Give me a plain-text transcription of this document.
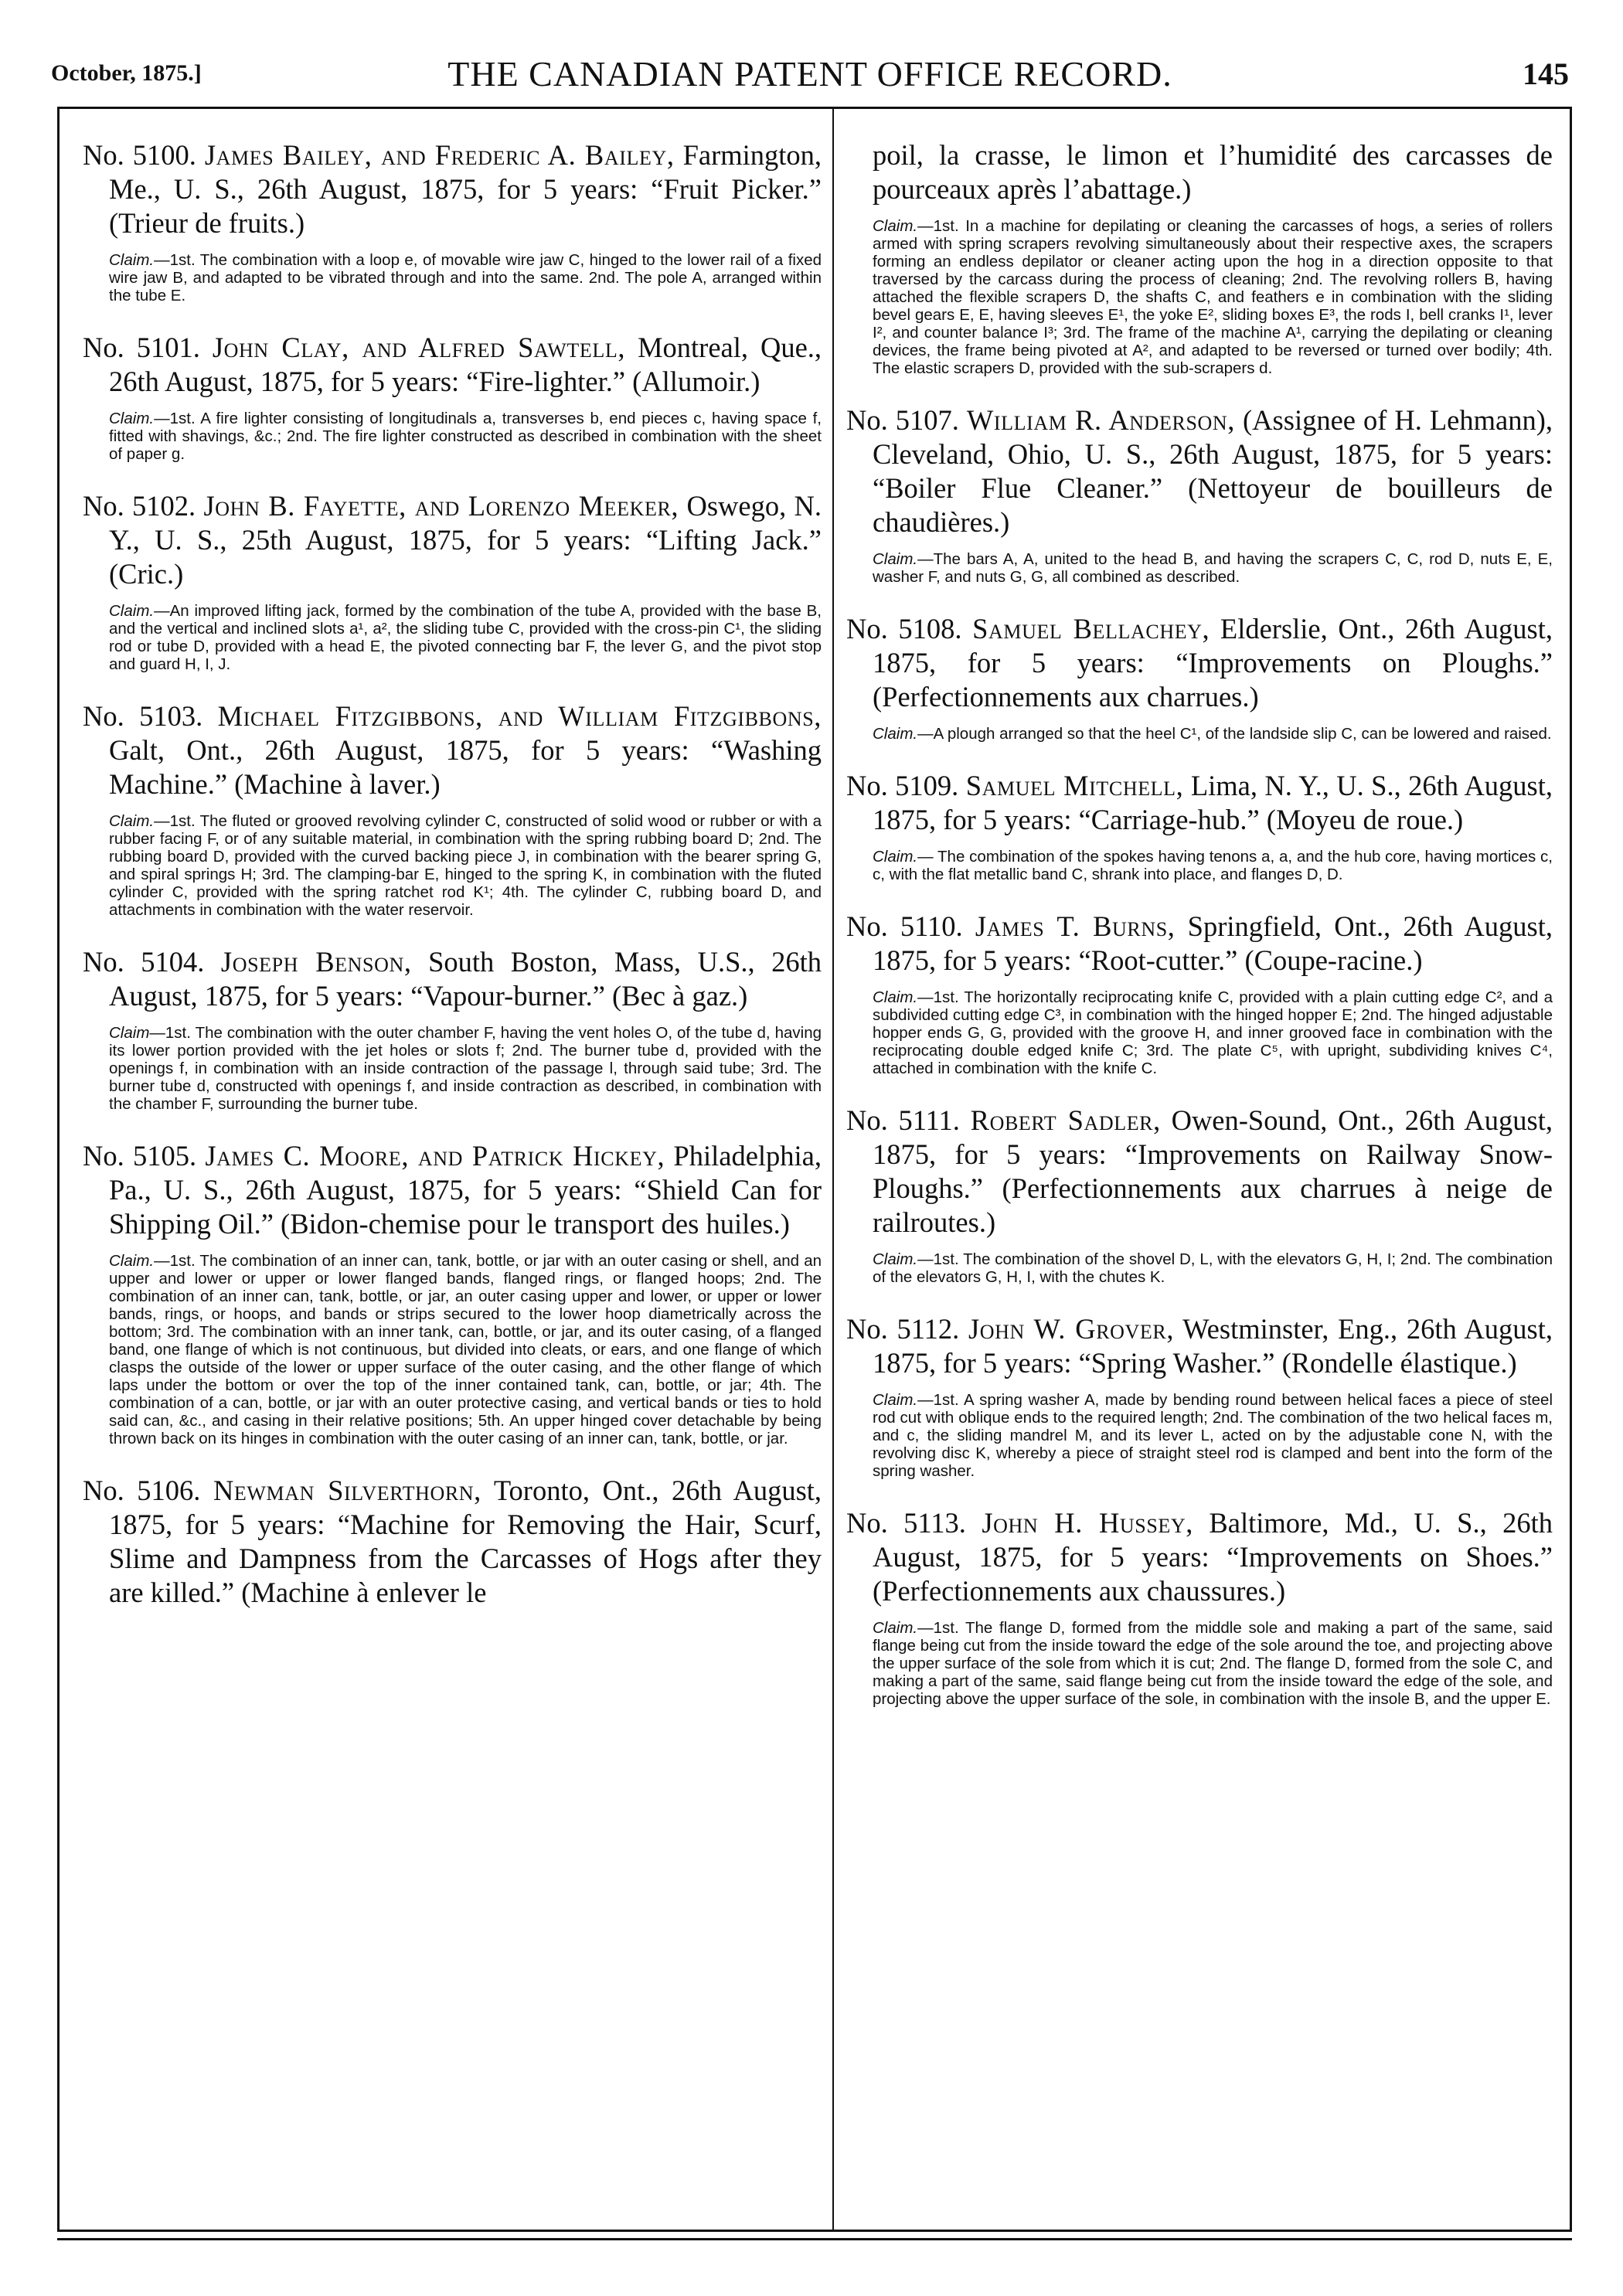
October, 1875.]	THE CANADIAN PATENT OFFICE RECORD.	145

No. 5100. James Bailey, and Frederic A. Bailey, Farmington, Me., U. S., 26th August, 1875, for 5 years: “Fruit Picker.” (Trieur de fruits.)

Claim.—1st. The combination with a loop e, of movable wire jaw C, hinged to the lower rail of a fixed wire jaw B, and adapted to be vibrated through and into the same. 2nd. The pole A, arranged within the tube E.

No. 5101. John Clay, and Alfred Sawtell, Montreal, Que., 26th August, 1875, for 5 years: “Fire-lighter.” (Allumoir.)

Claim.—1st. A fire lighter consisting of longitudinals a, transverses b, end pieces c, having space f, fitted with shavings, &c.; 2nd. The fire lighter constructed as described in combination with the sheet of paper g.

No. 5102. John B. Fayette, and Lorenzo Meeker, Oswego, N. Y., U. S., 25th August, 1875, for 5 years: “Lifting Jack.” (Cric.)

Claim.—An improved lifting jack, formed by the combination of the tube A, provided with the base B, and the vertical and inclined slots a¹, a², the sliding tube C, provided with the cross-pin C¹, the sliding rod or tube D, provided with a head E, the pivoted connecting bar F, the lever G, and the pivot stop and guard H, I, J.

No. 5103. Michael Fitzgibbons, and William Fitzgibbons, Galt, Ont., 26th August, 1875, for 5 years: “Washing Machine.” (Machine à laver.)

Claim.—1st. The fluted or grooved revolving cylinder C, constructed of solid wood or rubber or with a rubber facing F, or of any suitable material, in combination with the spring rubbing board D; 2nd. The rubbing board D, provided with the curved backing piece J, in combination with the bearer spring G, and spiral springs H; 3rd. The clamping-bar E, hinged to the spring K, in combination with the fluted cylinder C, provided with the spring ratchet rod K¹; 4th. The cylinder C, rubbing board D, and attachments in combination with the water reservoir.

No. 5104. Joseph Benson, South Boston, Mass, U.S., 26th August, 1875, for 5 years: “Vapour-burner.” (Bec à gaz.)

Claim—1st. The combination with the outer chamber F, having the vent holes O, of the tube d, having its lower portion provided with the jet holes or slots f; 2nd. The burner tube d, provided with the openings f, in combination with an inside contraction of the passage l, through said tube; 3rd. The burner tube d, constructed with openings f, and inside contraction as described, in combination with the chamber F, surrounding the burner tube.

No. 5105. James C. Moore, and Patrick Hickey, Philadelphia, Pa., U. S., 26th August, 1875, for 5 years: “Shield Can for Shipping Oil.” (Bidon-chemise pour le transport des huiles.)

Claim.—1st. The combination of an inner can, tank, bottle, or jar with an outer casing or shell, and an upper and lower or upper or lower flanged bands, flanged rings, or flanged hoops; 2nd. The combination of an inner can, tank, bottle, or jar, an outer casing upper and lower, or upper or lower bands, rings, or hoops, and bands or strips secured to the lower hoop diametrically across the bottom; 3rd. The combination with an inner tank, can, bottle, or jar, and its outer casing, of a flanged band, one flange of which is not continuous, but divided into cleats, or ears, and one flange of which clasps the outside of the lower or upper surface of the outer casing, and the other flange of which laps under the bottom or over the top of the inner contained tank, can, bottle, or jar; 4th. The combination of a can, bottle, or jar with an outer protective casing, and vertical bands or ties to hold said can, &c., and casing in their relative positions; 5th. An upper hinged cover detachable by being thrown back on its hinges in combination with the outer casing of an inner can, tank, bottle, or jar.

No. 5106. Newman Silverthorn, Toronto, Ont., 26th August, 1875, for 5 years: “Machine for Removing the Hair, Scurf, Slime and Dampness from the Carcasses of Hogs after they are killed.” (Machine à enlever le

poil, la crasse, le limon et l’humidité des carcasses de pourceaux après l’abattage.)

Claim.—1st. In a machine for depilating or cleaning the carcasses of hogs, a series of rollers armed with spring scrapers revolving simultaneously about their respective axes, the scrapers forming an endless depilator or cleaner acting upon the hog in a direction opposite to that traversed by the carcass during the process of cleaning; 2nd. The revolving rollers B, having attached the flexible scrapers D, the shafts C, and feathers e in combination with the sliding bevel gears E, E, having sleeves E¹, the yoke E², sliding boxes E³, the rods I, bell cranks I¹, lever I², and counter balance I³; 3rd. The frame of the machine A¹, carrying the depilating or cleaning devices, the frame being pivoted at A², and adapted to be reversed or turned over bodily; 4th. The elastic scrapers D, provided with the sub-scrapers d.

No. 5107. William R. Anderson, (Assignee of H. Lehmann), Cleveland, Ohio, U. S., 26th August, 1875, for 5 years: “Boiler Flue Cleaner.” (Nettoyeur de bouilleurs de chaudières.)

Claim.—The bars A, A, united to the head B, and having the scrapers C, C, rod D, nuts E, E, washer F, and nuts G, G, all combined as described.

No. 5108. Samuel Bellachey, Elderslie, Ont., 26th August, 1875, for 5 years: “Improvements on Ploughs.” (Perfectionnements aux charrues.)

Claim.—A plough arranged so that the heel C¹, of the landside slip C, can be lowered and raised.

No. 5109. Samuel Mitchell, Lima, N. Y., U. S., 26th August, 1875, for 5 years: “Carriage-hub.” (Moyeu de roue.)

Claim.— The combination of the spokes having tenons a, a, and the hub core, having mortices c, c, with the flat metallic band C, shrank into place, and flanges D, D.

No. 5110. James T. Burns, Springfield, Ont., 26th August, 1875, for 5 years: “Root-cutter.” (Coupe-racine.)

Claim.—1st. The horizontally reciprocating knife C, provided with a plain cutting edge C², and a subdivided cutting edge C³, in combination with the hinged hopper E; 2nd. The hinged adjustable hopper ends G, G, provided with the groove H, and inner grooved face in combination with the reciprocating double edged knife C; 3rd. The plate C⁵, with upright, subdividing knives C⁴, attached in combination with the knife C.

No. 5111. Robert Sadler, Owen-Sound, Ont., 26th August, 1875, for 5 years: “Improvements on Railway Snow-Ploughs.” (Perfectionnements aux charrues à neige de railroutes.)

Claim.—1st. The combination of the shovel D, L, with the elevators G, H, I; 2nd. The combination of the elevators G, H, I, with the chutes K.

No. 5112. John W. Grover, Westminster, Eng., 26th August, 1875, for 5 years: “Spring Washer.” (Rondelle élastique.)

Claim.—1st. A spring washer A, made by bending round between helical faces a piece of steel rod cut with oblique ends to the required length; 2nd. The combination of the two helical faces m, and c, the sliding mandrel M, and its lever L, acted on by the adjustable cone N, with the revolving disc K, whereby a piece of straight steel rod is clamped and bent into the form of the spring washer.

No. 5113. John H. Hussey, Baltimore, Md., U. S., 26th August, 1875, for 5 years: “Improvements on Shoes.” (Perfectionnements aux chaussures.)

Claim.—1st. The flange D, formed from the middle sole and making a part of the same, said flange being cut from the inside toward the edge of the sole around the toe, and projecting above the upper surface of the sole from which it is cut; 2nd. The flange D, formed from the sole C, and making a part of the same, said flange being cut from the inside toward the edge of the sole, and projecting above the upper surface of the sole, in combination with the insole B, and the upper E.
